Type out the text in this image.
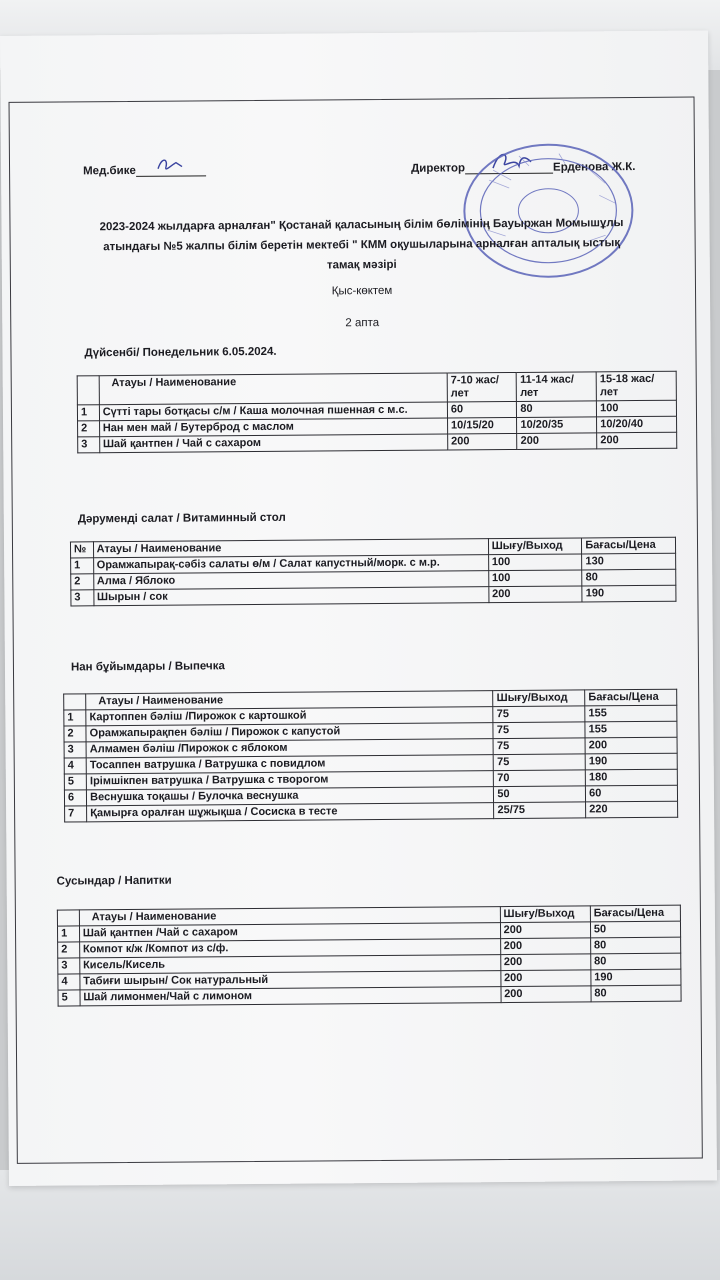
Мед.бике	Директор	Ерденова Ж.К.
2023-2024 жылдарға арналған" Қостанай қаласының білім бөлімінің Бауыржан Момышұлы
атындағы №5 жалпы білім беретін мектебі " КММ оқушыларына арналған апталық ыстық
тамақ мәзірі
Қыс-көктем
2 апта
Дүйсенбі/ Понедельник 6.05.2024.
	Атауы / Наименование	7-10 жас/ лет	11-14 жас/ лет	15-18 жас/ лет
1	Сүтті тары ботқасы с/м / Каша молочная пшенная с м.с.	60	80	100
2	Нан мен май / Бутерброд с маслом	10/15/20	10/20/35	10/20/40
3	Шай қантпен / Чай с сахаром	200	200	200
Дәруменді салат / Витаминный стол
№	Атауы / Наименование	Шығу/Выход	Бағасы/Цена
1	Орамжапырақ-сәбіз салаты ө/м / Салат капустный/морк. с м.р.	100	130
2	Алма / Яблоко	100	80
3	Шырын / сок	200	190
Нан бұйымдары / Выпечка
	Атауы / Наименование	Шығу/Выход	Бағасы/Цена
1	Картоппен бәліш /Пирожок с картошкой	75	155
2	Орамжапырақпен бәліш / Пирожок с капустой	75	155
3	Алмамен бәліш /Пирожок с яблоком	75	200
4	Тосаппен ватрушка / Ватрушка с повидлом	75	190
5	Ірімшікпен ватрушка / Ватрушка с творогом	70	180
6	Веснушка тоқашы / Булочка веснушка	50	60
7	Қамырға оралған шұжықша / Сосиска в тесте	25/75	220
Сусындар / Напитки
	Атауы / Наименование	Шығу/Выход	Бағасы/Цена
1	Шай қантпен /Чай с сахаром	200	50
2	Компот к/ж /Компот из с/ф.	200	80
3	Кисель/Кисель	200	80
4	Табиғи шырын/ Сок натуральный	200	190
5	Шай лимонмен/Чай с лимоном	200	80
